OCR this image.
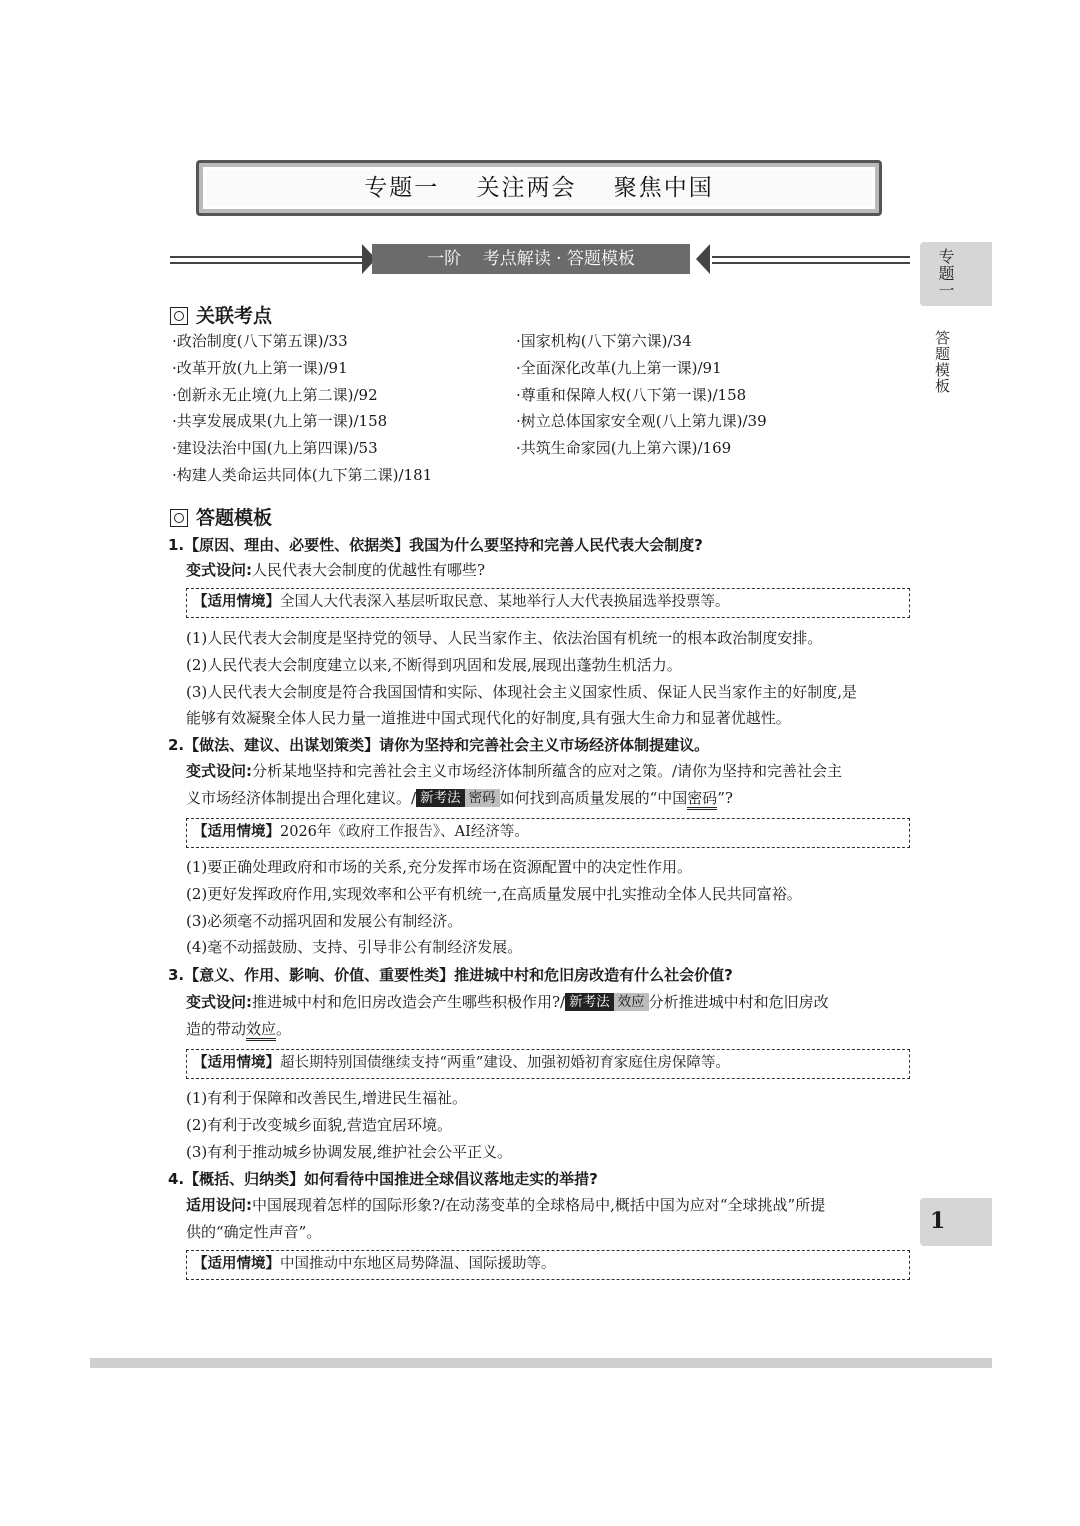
专题一    关注两会    聚焦中国
一阶    考点解读 · 答题模板	专题一
答题模板
关联考点
·政治制度(八下第五课)/33
·改革开放(九上第一课)/91
·创新永无止境(九上第二课)/92
·共享发展成果(九上第一课)/158
·建设法治中国(九上第四课)/53
·构建人类命运共同体(九下第二课)/181
·国家机构(八下第六课)/34
·全面深化改革(九上第一课)/91
·尊重和保障人权(八下第一课)/158
·树立总体国家安全观(八上第九课)/39
·共筑生命家园(九上第六课)/169
答题模板
1.【原因、理由、必要性、依据类】我国为什么要坚持和完善人民代表大会制度?
变式设问:人民代表大会制度的优越性有哪些?
【适用情境】全国人大代表深入基层听取民意、某地举行人大代表换届选举投票等。
(1)人民代表大会制度是坚持党的领导、人民当家作主、依法治国有机统一的根本政治制度安排。
(2)人民代表大会制度建立以来,不断得到巩固和发展,展现出蓬勃生机活力。
(3)人民代表大会制度是符合我国国情和实际、体现社会主义国家性质、保证人民当家作主的好制度,是
能够有效凝聚全体人民力量一道推进中国式现代化的好制度,具有强大生命力和显著优越性。
2.【做法、建议、出谋划策类】请你为坚持和完善社会主义市场经济体制提建议。
变式设问:分析某地坚持和完善社会主义市场经济体制所蕴含的应对之策。/请你为坚持和完善社会主
义市场经济体制提出合理化建议。/ 新考法 密码 如何找到高质量发展的“中国密码”?
【适用情境】2026年《政府工作报告》、AI经济等。
(1)要正确处理政府和市场的关系,充分发挥市场在资源配置中的决定性作用。
(2)更好发挥政府作用,实现效率和公平有机统一,在高质量发展中扎实推动全体人民共同富裕。
(3)必须毫不动摇巩固和发展公有制经济。
(4)毫不动摇鼓励、支持、引导非公有制经济发展。
3.【意义、作用、影响、价值、重要性类】推进城中村和危旧房改造有什么社会价值?
变式设问:推进城中村和危旧房改造会产生哪些积极作用?/ 新考法 效应 分析推进城中村和危旧房改
造的带动效应。
【适用情境】超长期特别国债继续支持“两重”建设、加强初婚初育家庭住房保障等。
(1)有利于保障和改善民生,增进民生福祉。
(2)有利于改变城乡面貌,营造宜居环境。
(3)有利于推动城乡协调发展,维护社会公平正义。
4.【概括、归纳类】如何看待中国推进全球倡议落地走实的举措?
适用设问:中国展现着怎样的国际形象?/在动荡变革的全球格局中,概括中国为应对“全球挑战”所提
供的“确定性声音”。
【适用情境】中国推动中东地区局势降温、国际援助等。
1
